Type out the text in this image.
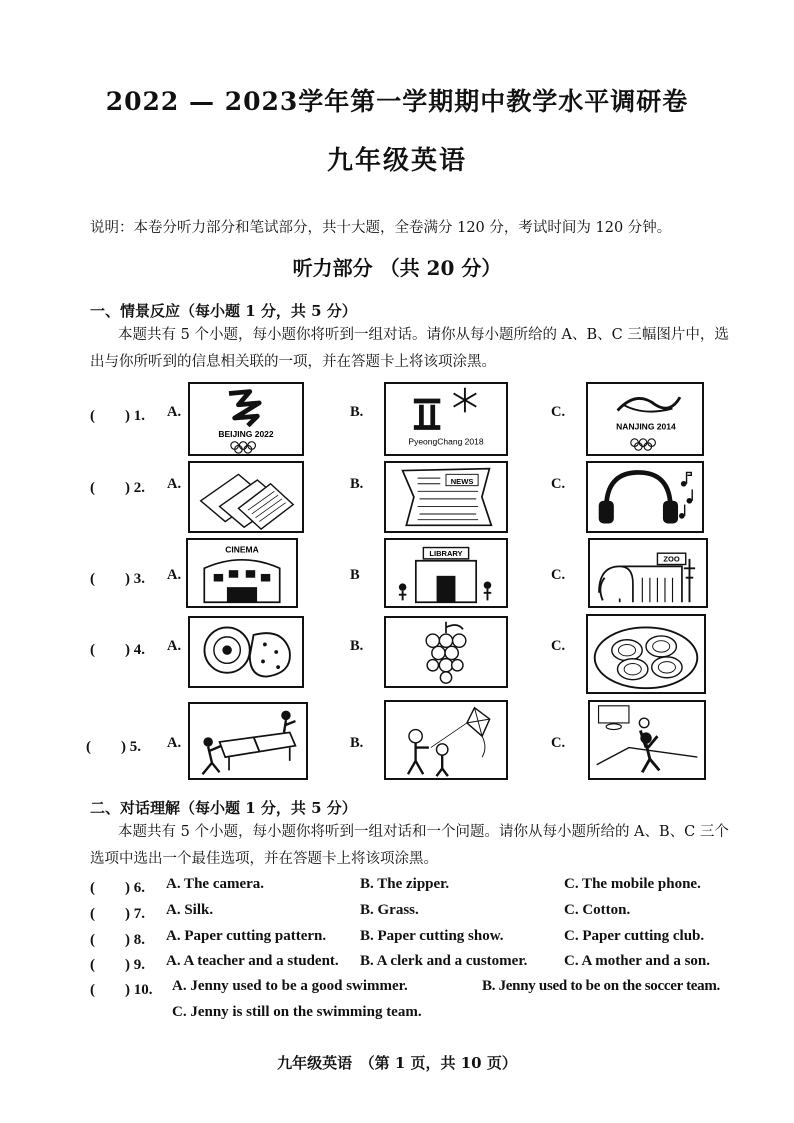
2022 — 2023学年第一学期期中教学水平调研卷
九年级英语
说明：本卷分听力部分和笔试部分，共十大题，全卷满分 120 分，考试时间为 120 分钟。
听力部分 （共 20 分）
一、情景反应（每小题 1 分，共 5 分）
本题共有 5 个小题，每小题你将听到一组对话。请你从每小题所给的 A、B、C 三幅图片中，选出与你所听到的信息相关联的一项，并在答题卡上将该项涂黑。
(　　) 1. A.
BEIJING 2022
B.
PyeongChang 2018
C.
NANJING 2014
(　　) 2. A.	B.	NEWS	C.
(　　) 3. A.
CINEMA
B
LIBRARY
C.
ZOO
(　　) 4. A.	B.	C.
(　　) 5. A.	B.	C.
二、对话理解（每小题 1 分，共 5 分）
本题共有 5 个小题，每小题你将听到一组对话和一个问题。请你从每小题所给的 A、B、C 三个选项中选出一个最佳选项，并在答题卡上将该项涂黑。
(　　) 6. A. The camera.	B. The zipper.	C. The mobile phone.
(　　) 7. A. Silk.	B. Grass.	C. Cotton.
(　　) 8. A. Paper cutting pattern. B. Paper cutting show.	C. Paper cutting club.
(　　) 9. A. A teacher and a student. B. A clerk and a customer. C. A mother and a son.
(　　) 10. A. Jenny used to be a good swimmer.	B. Jenny used to be on the soccer team.
C. Jenny is still on the swimming team.
九年级英语　（第 1 页，共 10 页）
